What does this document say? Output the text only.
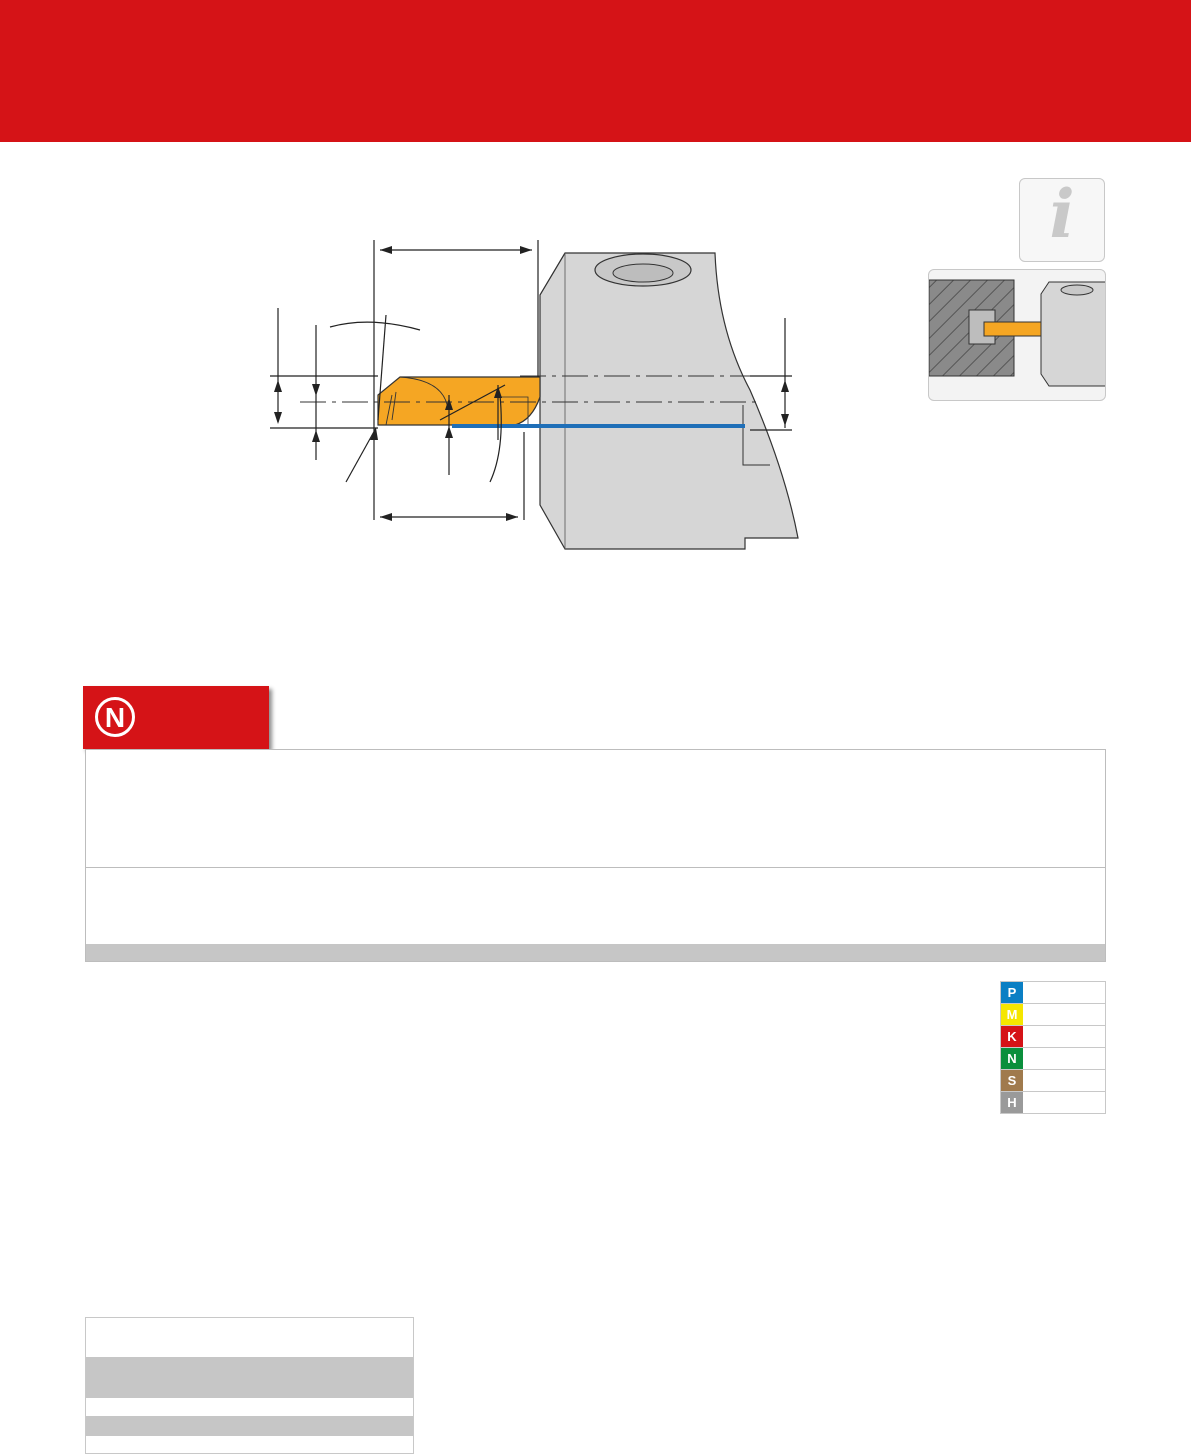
i
N
P
M
K
N
S
H
